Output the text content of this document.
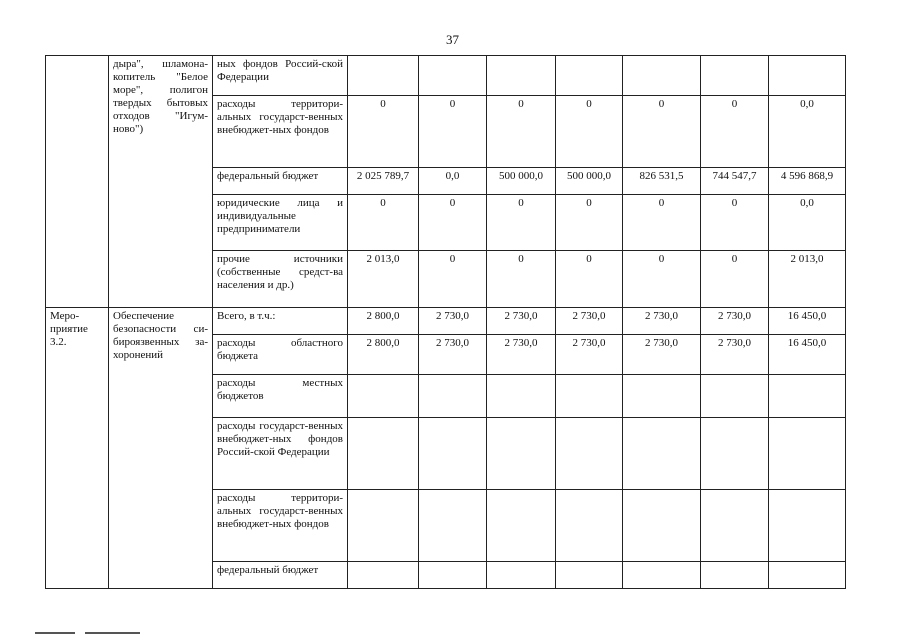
37
	дыра", шламона-копитель "Белое море", полигон твердых бытовых отходов "Игум-ново")	ных фондов Россий-ской Федерации							
		расходы территори-альных государст-венных внебюджет-ных фондов	0	0	0	0	0	0	0,0
		федеральный бюджет	2 025 789,7	0,0	500 000,0	500 000,0	826 531,5	744 547,7	4 596 868,9
		юридические лица и индивидуальные предприниматели	0	0	0	0	0	0	0,0
		прочие источники (собственные средст-ва населения и др.)	2 013,0	0	0	0	0	0	2 013,0
Меро-приятие 3.2.	Обеспечение безопасности си-бироязвенных за-хоронений	Всего, в т.ч.:	2 800,0	2 730,0	2 730,0	2 730,0	2 730,0	2 730,0	16 450,0
		расходы областного бюджета	2 800,0	2 730,0	2 730,0	2 730,0	2 730,0	2 730,0	16 450,0
		расходы местных бюджетов							
		расходы государст-венных внебюджет-ных фондов Россий-ской Федерации							
		расходы территори-альных государст-венных внебюджет-ных фондов							
		федеральный бюджет							
